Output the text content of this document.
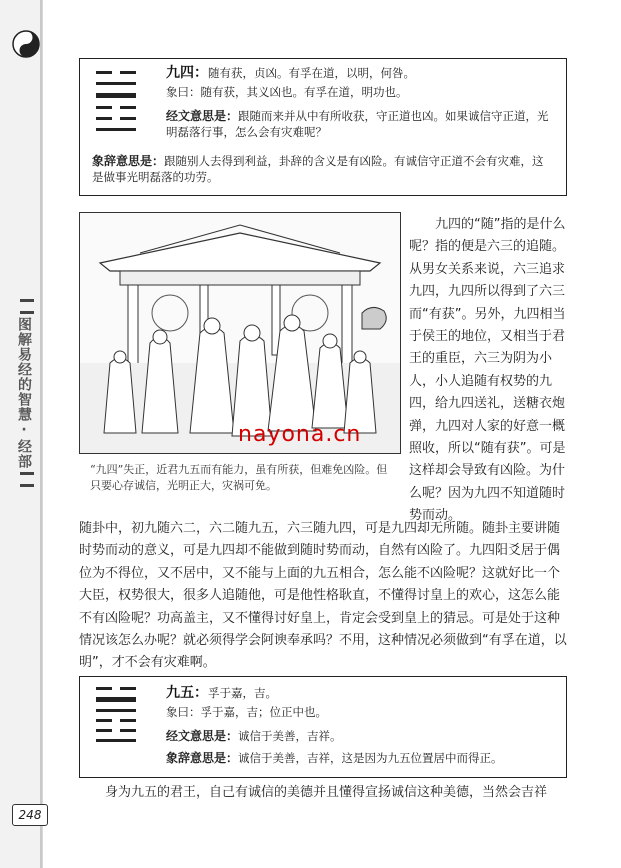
图解易经的智慧·经部
248
九四：随有获，贞凶。有孚在道，以明，何咎。
象曰：随有获，其义凶也。有孚在道，明功也。
经文意思是：跟随而来并从中有所收获，守正道也凶。如果诚信守正道，光明磊落行事，怎么会有灾难呢？
象辞意思是：跟随别人去得到利益，卦辞的含义是有凶险。有诚信守正道不会有灾难，这是做事光明磊落的功劳。
nayona.cn
“九四”失正，近君九五而有能力，虽有所获，但难免凶险。但只要心存诚信，光明正大，灾祸可免。
九四的“随”指的是什么呢？指的便是六三的追随。从男女关系来说，六三追求九四，九四所以得到了六三而“有获”。另外，九四相当于侯王的地位，又相当于君王的重臣，六三为阴为小人，小人追随有权势的九四，给九四送礼，送糖衣炮弹，九四对人家的好意一概照收，所以“随有获”。可是这样却会导致有凶险。为什么呢？因为九四不知道随时势而动。
随卦中，初九随六二，六二随九五，六三随九四，可是九四却无所随。随卦主要讲随时势而动的意义，可是九四却不能做到随时势而动，自然有凶险了。九四阳爻居于偶位为不得位，又不居中，又不能与上面的九五相合，怎么能不凶险呢？这就好比一个大臣，权势很大，很多人追随他，可是他性格耿直，不懂得讨皇上的欢心，这怎么能不有凶险呢？功高盖主，又不懂得讨好皇上，肯定会受到皇上的猜忌。可是处于这种情况该怎么办呢？就必须得学会阿谀奉承吗？不用，这种情况必须做到“有孚在道，以明”，才不会有灾难啊。
九五：孚于嘉，吉。
象曰：孚于嘉，吉；位正中也。
经文意思是：诚信于美善，吉祥。
象辞意思是：诚信于美善，吉祥，这是因为九五位置居中而得正。
身为九五的君王，自己有诚信的美德并且懂得宣扬诚信这种美德，当然会吉祥
